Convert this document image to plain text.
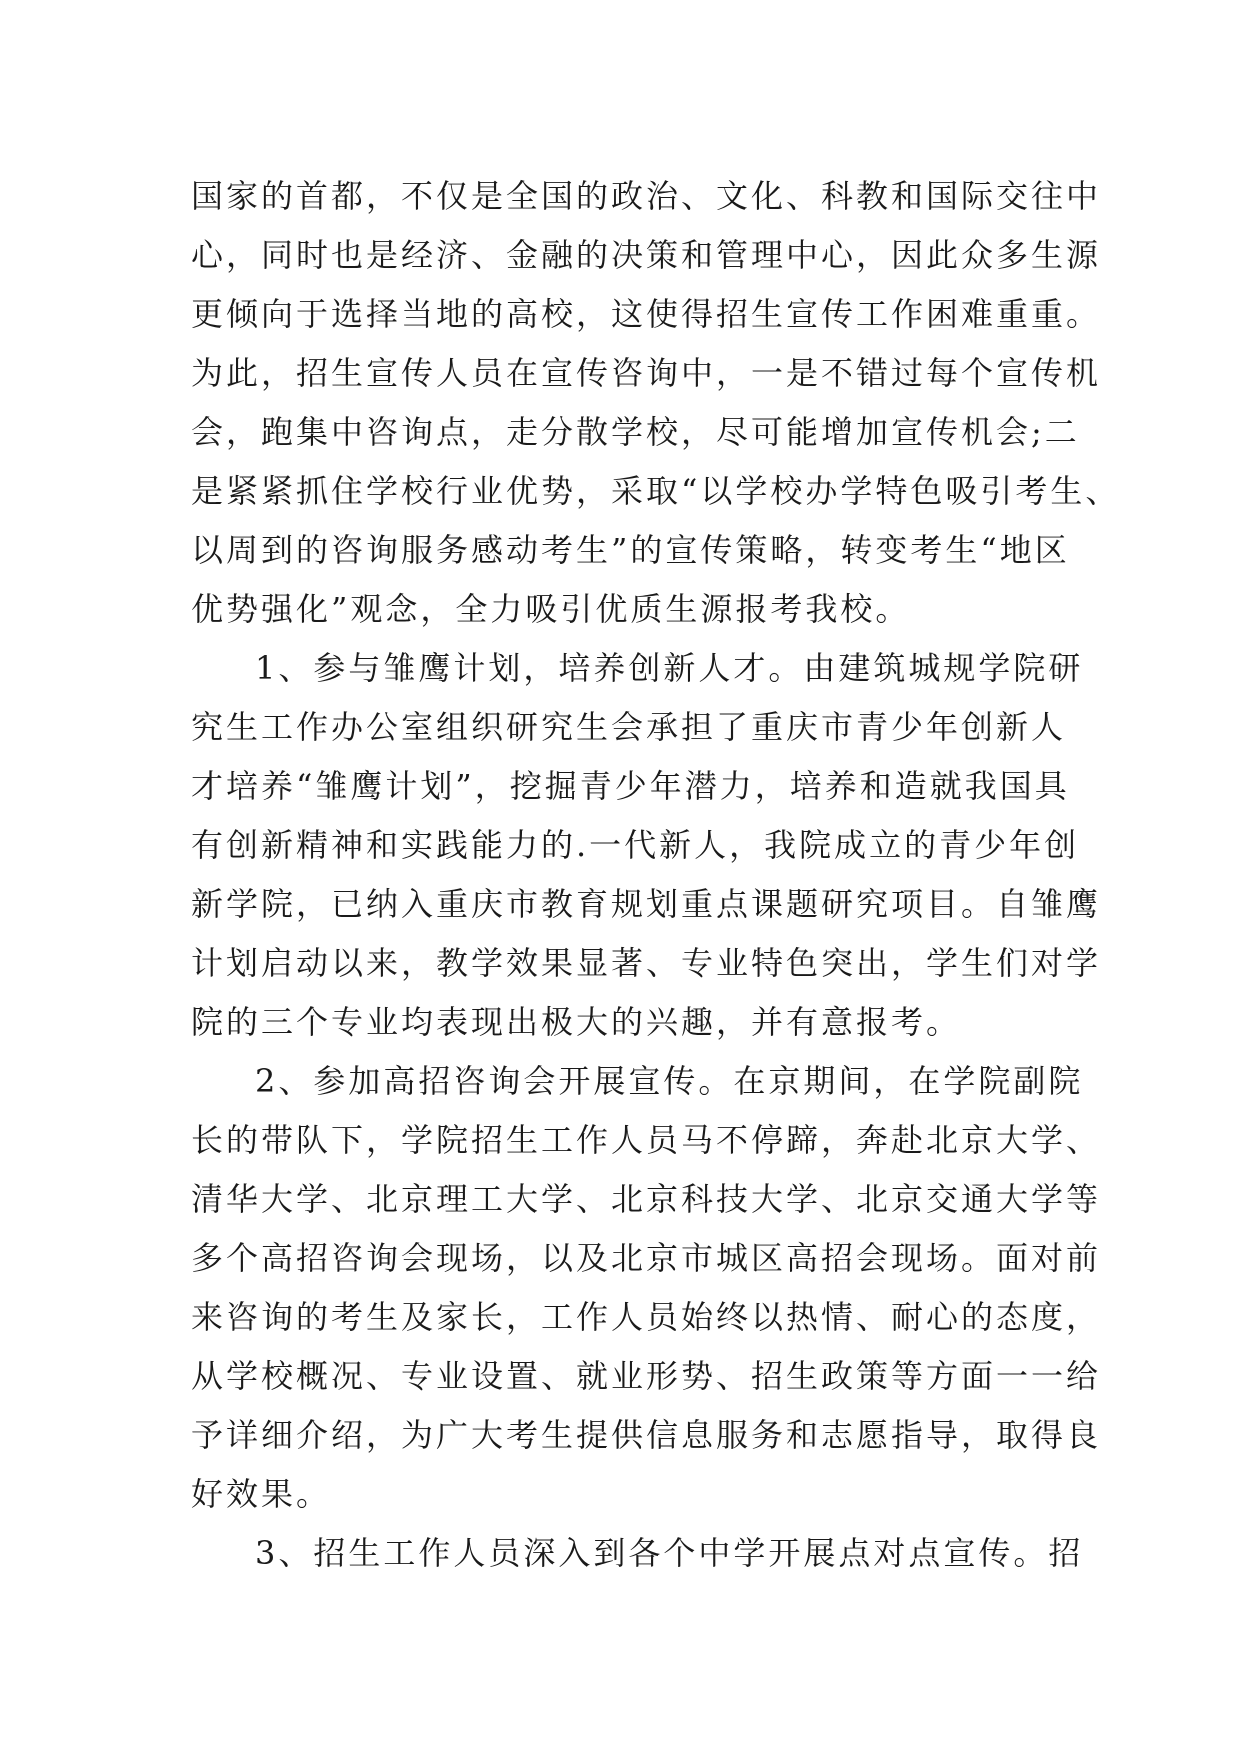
国家的首都，不仅是全国的政治、文化、科教和国际交往中

心，同时也是经济、金融的决策和管理中心，因此众多生源

更倾向于选择当地的高校，这使得招生宣传工作困难重重。

为此，招生宣传人员在宣传咨询中，一是不错过每个宣传机

会，跑集中咨询点，走分散学校，尽可能增加宣传机会;二

是紧紧抓住学校行业优势，采取“以学校办学特色吸引考生、

以周到的咨询服务感动考生”的宣传策略，转变考生“地区

优势强化”观念，全力吸引优质生源报考我校。

1、参与雏鹰计划，培养创新人才。由建筑城规学院研

究生工作办公室组织研究生会承担了重庆市青少年创新人

才培养“雏鹰计划”，挖掘青少年潜力，培养和造就我国具

有创新精神和实践能力的.一代新人，我院成立的青少年创

新学院，已纳入重庆市教育规划重点课题研究项目。自雏鹰

计划启动以来，教学效果显著、专业特色突出，学生们对学

院的三个专业均表现出极大的兴趣，并有意报考。

2、参加高招咨询会开展宣传。在京期间，在学院副院

长的带队下，学院招生工作人员马不停蹄，奔赴北京大学、

清华大学、北京理工大学、北京科技大学、北京交通大学等

多个高招咨询会现场，以及北京市城区高招会现场。面对前

来咨询的考生及家长，工作人员始终以热情、耐心的态度，

从学校概况、专业设置、就业形势、招生政策等方面一一给

予详细介绍，为广大考生提供信息服务和志愿指导，取得良

好效果。

3、招生工作人员深入到各个中学开展点对点宣传。招
